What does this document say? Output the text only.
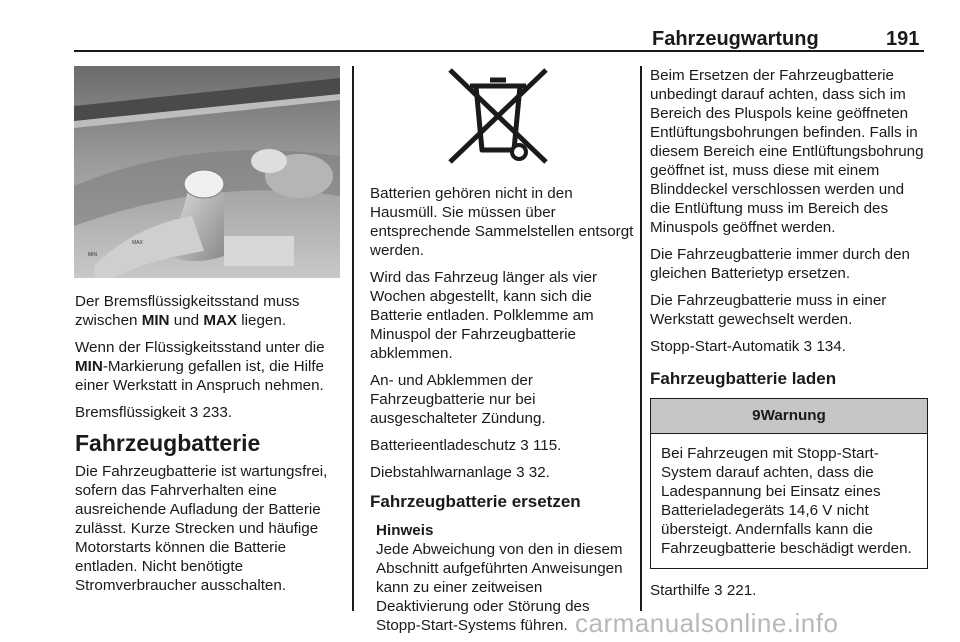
Fahrzeugwartung	191
MAX
MIN

Der Bremsflüssigkeitsstand muss zwischen MIN und MAX liegen.

Wenn der Flüssigkeitsstand unter die MIN-Markierung gefallen ist, die Hilfe einer Werkstatt in Anspruch nehmen.

Bremsflüssigkeit 3 233.

Fahrzeugbatterie

Die Fahrzeugbatterie ist wartungsfrei, sofern das Fahrverhalten eine ausreichende Aufladung der Batterie zulässt. Kurze Strecken und häufige Motorstarts können die Batterie entladen. Nicht benötigte Stromverbraucher ausschalten.

Batterien gehören nicht in den Hausmüll. Sie müssen über entsprechende Sammelstellen entsorgt werden.

Wird das Fahrzeug länger als vier Wochen abgestellt, kann sich die Batterie entladen. Polklemme am Minuspol der Fahrzeugbatterie abklemmen.

An- und Abklemmen der Fahrzeugbatterie nur bei ausgeschalteter Zündung.

Batterieentladeschutz 3 115.

Diebstahlwarnanlage 3 32.

Fahrzeugbatterie ersetzen
Hinweis
Jede Abweichung von den in diesem Abschnitt aufgeführten Anweisungen kann zu einer zeitweisen Deaktivierung oder Störung des Stopp-Start-Systems führen.

Beim Ersetzen der Fahrzeugbatterie unbedingt darauf achten, dass sich im Bereich des Pluspols keine geöffneten Entlüftungsbohrungen befinden. Falls in diesem Bereich eine Entlüftungsbohrung geöffnet ist, muss diese mit einem Blinddeckel verschlossen werden und die Entlüftung muss im Bereich des Minuspols geöffnet werden.

Die Fahrzeugbatterie immer durch den gleichen Batterietyp ersetzen.

Die Fahrzeugbatterie muss in einer Werkstatt gewechselt werden.

Stopp-Start-Automatik 3 134.

Fahrzeugbatterie laden
9Warnung
Bei Fahrzeugen mit Stopp-Start-System darauf achten, dass die Ladespannung bei Einsatz eines Batterieladegeräts 14,6 V nicht übersteigt. Andernfalls kann die Fahrzeugbatterie beschädigt werden.

Starthilfe 3 221.

carmanualsonline.info
